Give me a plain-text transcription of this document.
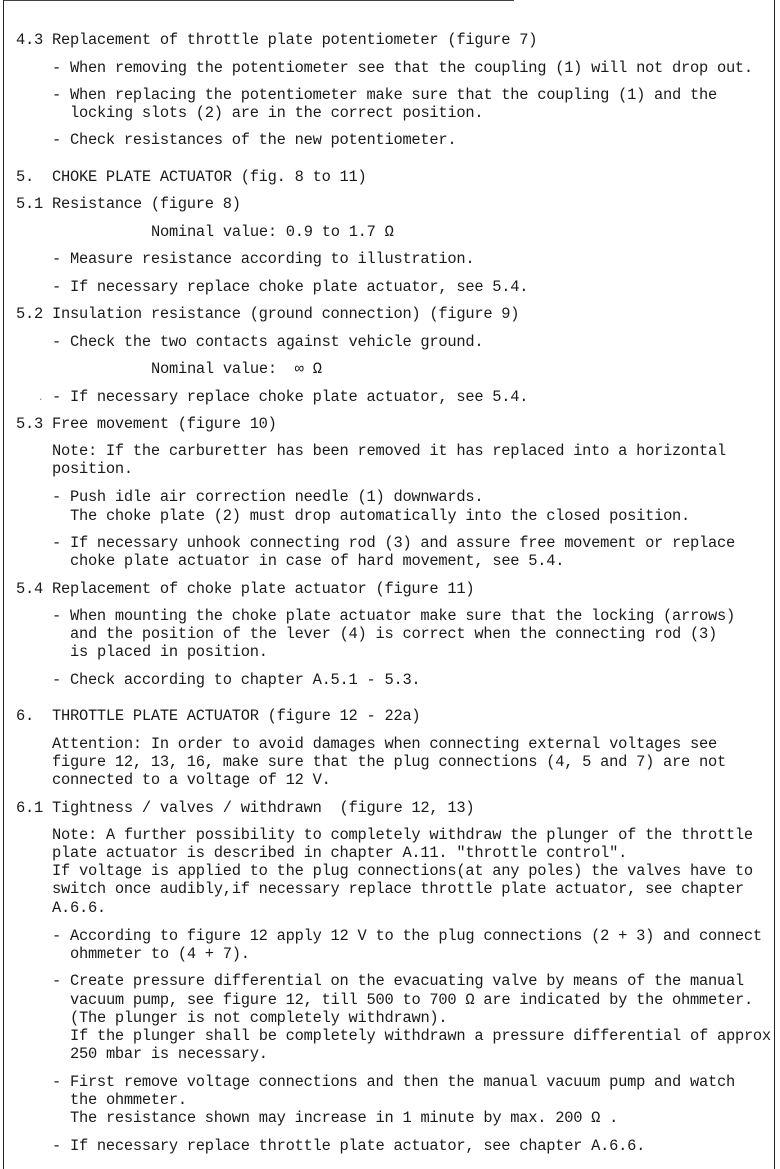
4.3 Replacement of throttle plate potentiometer (figure 7)
- When removing the potentiometer see that the coupling (1) will not drop out.
- When replacing the potentiometer make sure that the coupling (1) and the
locking slots (2) are in the correct position.
- Check resistances of the new potentiometer.
5. CHOKE PLATE ACTUATOR (fig. 8 to 11)
5.1 Resistance (figure 8)
Nominal value: 0.9 to 1.7 Ω
- Measure resistance according to illustration.
- If necessary replace choke plate actuator, see 5.4.
5.2 Insulation resistance (ground connection) (figure 9)
- Check the two contacts against vehicle ground.
Nominal value:  ∞ Ω
· - If necessary replace choke plate actuator, see 5.4.
5.3 Free movement (figure 10)
Note: If the carburetter has been removed it has replaced into a horizontal
position.
- Push idle air correction needle (1) downwards.
The choke plate (2) must drop automatically into the closed position.
- If necessary unhook connecting rod (3) and assure free movement or replace
choke plate actuator in case of hard movement, see 5.4.
5.4 Replacement of choke plate actuator (figure 11)
- When mounting the choke plate actuator make sure that the locking (arrows)
and the position of the lever (4) is correct when the connecting rod (3)
is placed in position.
- Check according to chapter A.5.1 - 5.3.
6. THROTTLE PLATE ACTUATOR (figure 12 - 22a)
Attention: In order to avoid damages when connecting external voltages see
figure 12, 13, 16, make sure that the plug connections (4, 5 and 7) are not
connected to a voltage of 12 V.
6.1 Tightness / valves / withdrawn  (figure 12, 13)
Note: A further possibility to completely withdraw the plunger of the throttle
plate actuator is described in chapter A.11. "throttle control".
If voltage is applied to the plug connections(at any poles) the valves have to
switch once audibly,if necessary replace throttle plate actuator, see chapter
A.6.6.
- According to figure 12 apply 12 V to the plug connections (2 + 3) and connect
ohmmeter to (4 + 7).
- Create pressure differential on the evacuating valve by means of the manual
vacuum pump, see figure 12, till 500 to 700 Ω are indicated by the ohmmeter.
(The plunger is not completely withdrawn).
If the plunger shall be completely withdrawn a pressure differential of approx
250 mbar is necessary.
- First remove voltage connections and then the manual vacuum pump and watch
the ohmmeter.
The resistance shown may increase in 1 minute by max. 200 Ω .
- If necessary replace throttle plate actuator, see chapter A.6.6.
